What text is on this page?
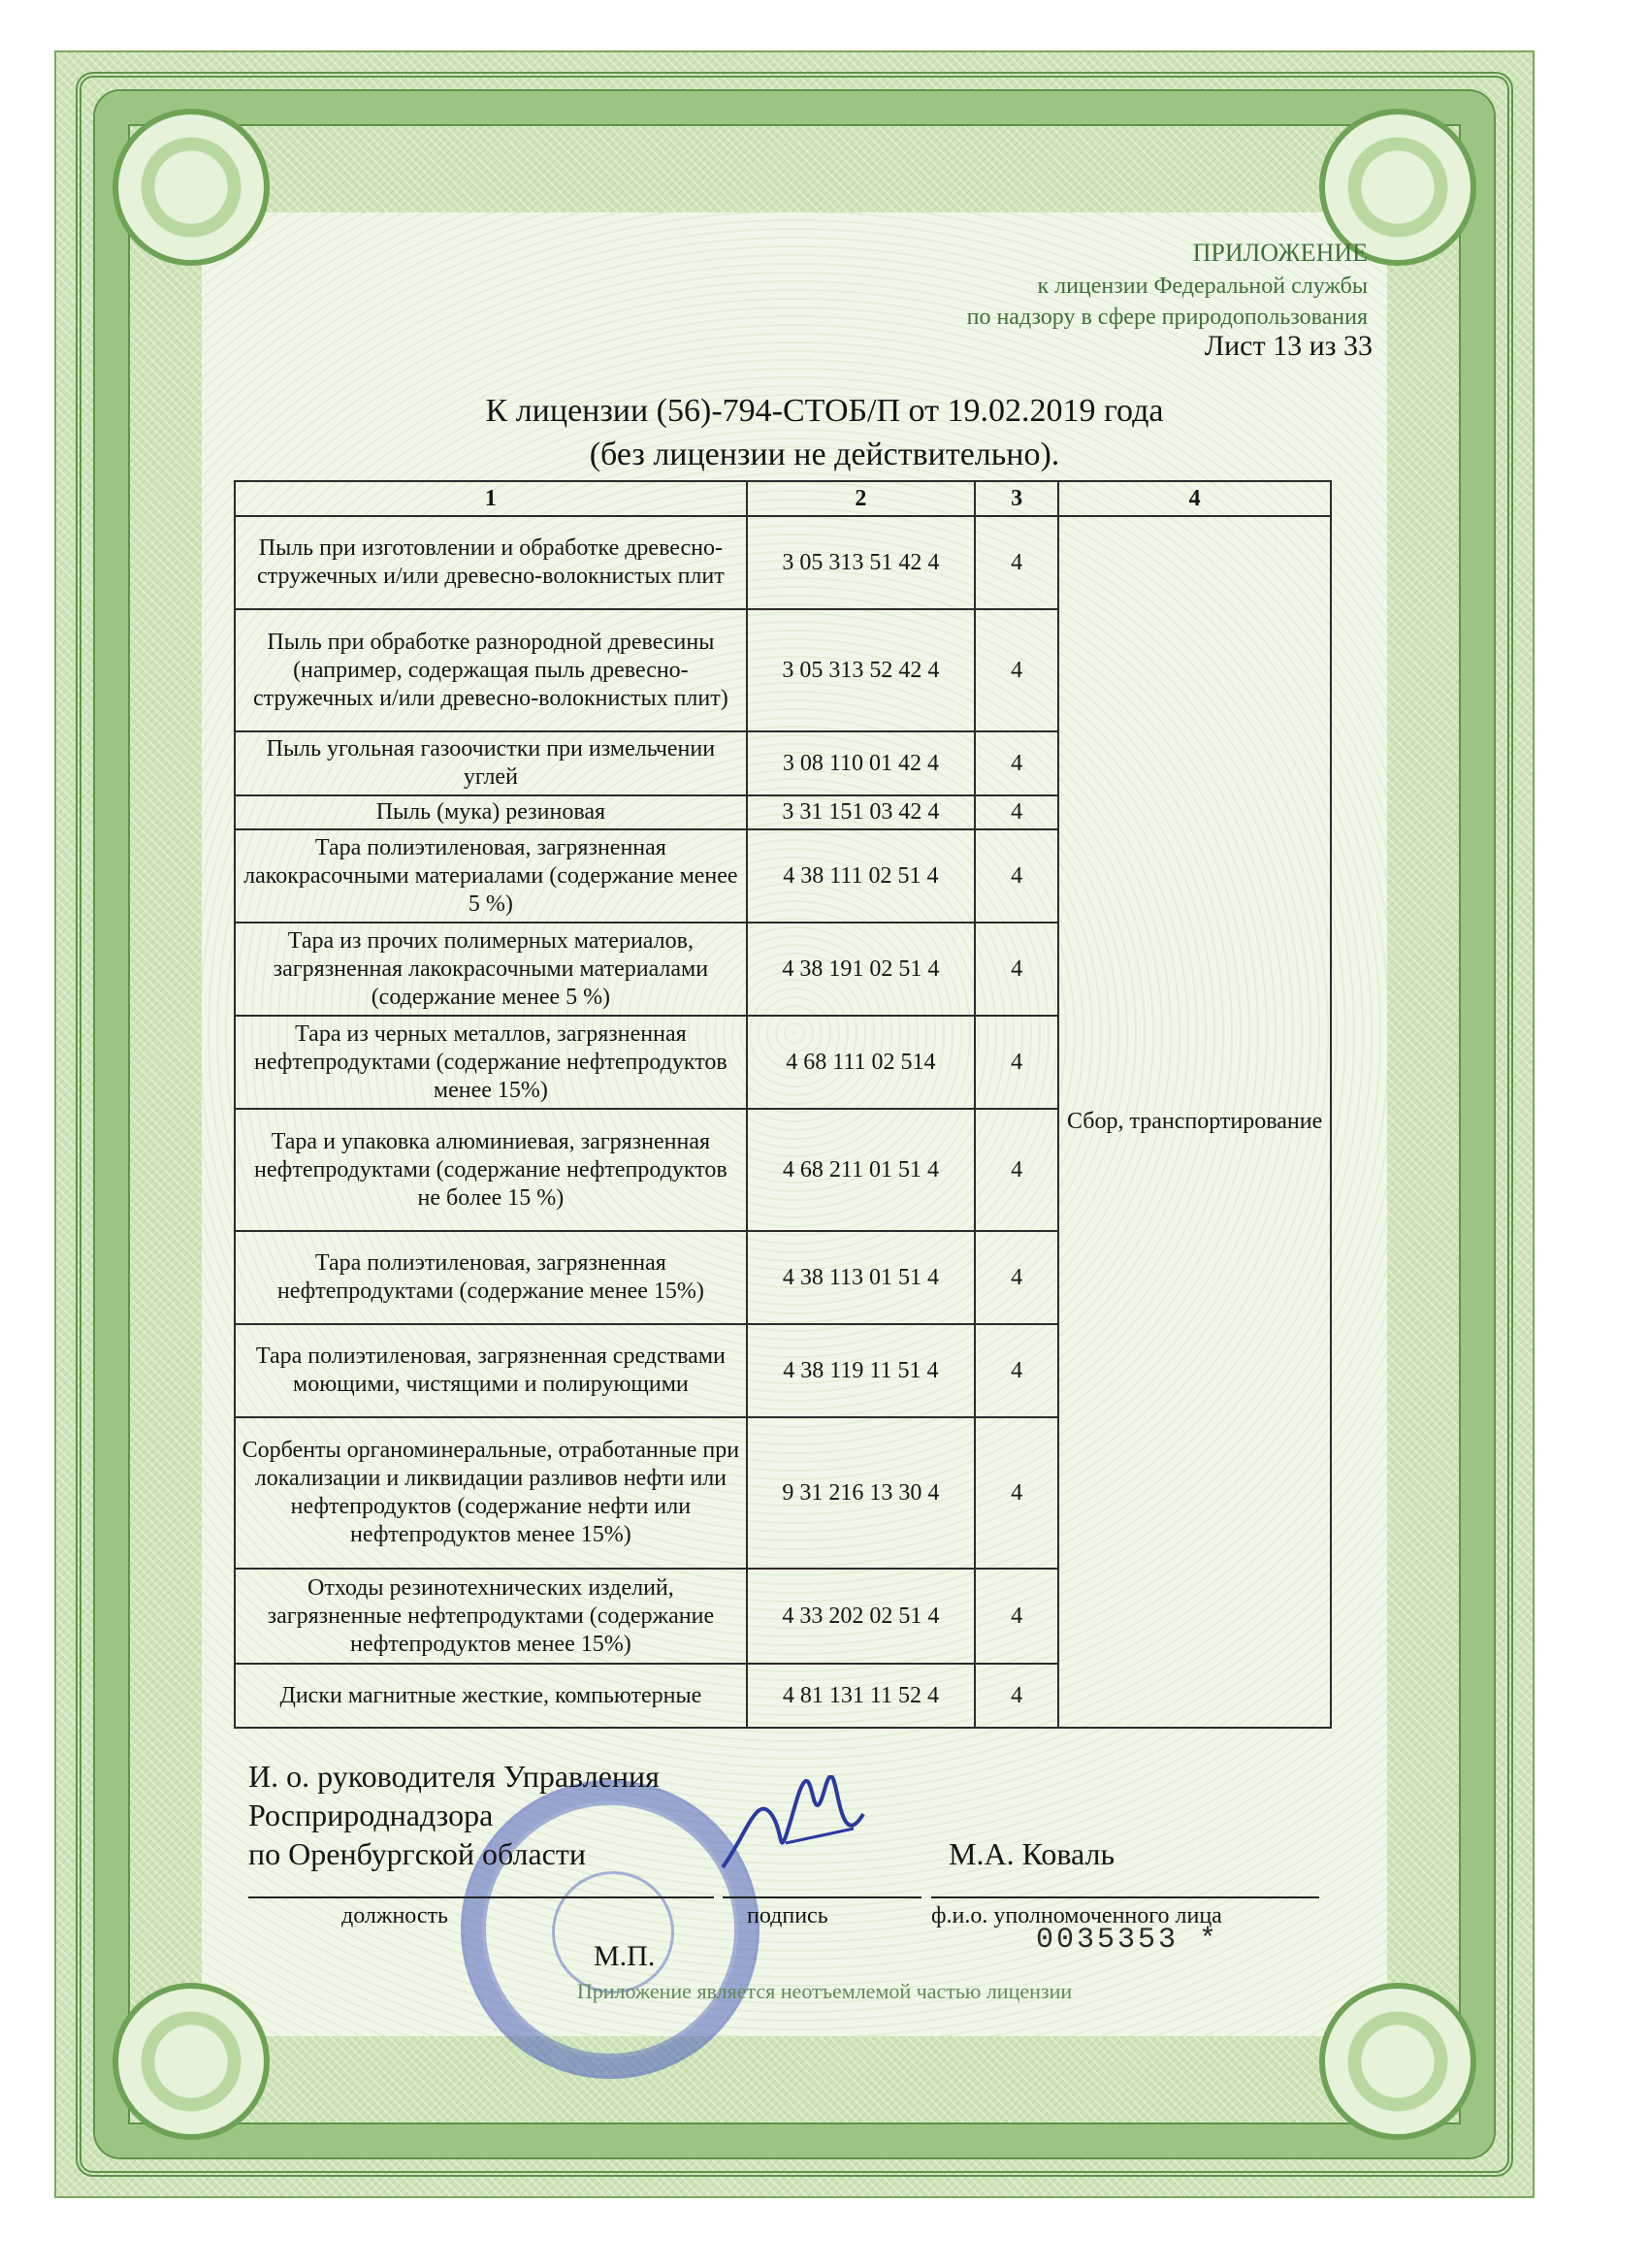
ПРИЛОЖЕНИЕ
к лицензии Федеральной службы
по надзору в сфере природопользования
Лист 13 из 33
К лицензии (56)-794-СТОБ/П от 19.02.2019 года
(без лицензии не действительно).
1	2	3	4
Пыль при изготовлении и обработке древесно-стружечных и/или древесно-волокнистых плит	3 05 313 51 42 4	4	Сбор, транспортирование
Пыль при обработке разнородной древесины (например, содержащая пыль древесно-стружечных и/или древесно-волокнистых плит)	3 05 313 52 42 4	4	
Пыль угольная газоочистки при измельчении углей	3 08 110 01 42 4	4	
Пыль (мука) резиновая	3 31 151 03 42 4	4	
Тара полиэтиленовая, загрязненная лакокрасочными материалами (содержание менее 5 %)	4 38 111 02 51 4	4	
Тара из прочих полимерных материалов, загрязненная лакокрасочными материалами (содержание менее 5 %)	4 38 191 02 51 4	4	
Тара из черных металлов, загрязненная нефтепродуктами (содержание нефтепродуктов менее 15%)	4 68 111 02 514	4	
Тара и упаковка алюминиевая, загрязненная нефтепродуктами (содержание нефтепродуктов не более 15 %)	4 68 211 01 51 4	4	
Тара полиэтиленовая, загрязненная нефтепродуктами (содержание менее 15%)	4 38 113 01 51 4	4	
Тара полиэтиленовая, загрязненная средствами моющими, чистящими и полирующими	4 38 119 11 51 4	4	
Сорбенты органоминеральные, отработанные при локализации и ликвидации разливов нефти или нефтепродуктов (содержание нефти или нефтепродуктов менее 15%)	9 31 216 13 30 4	4	
Отходы резинотехнических изделий, загрязненные нефтепродуктами (содержание нефтепродуктов менее 15%)	4 33 202 02 51 4	4	
Диски магнитные жесткие, компьютерные	4 81 131 11 52 4	4	
И. о. руководителя Управления
Росприроднадзора
по Оренбургской области	М.А. Коваль
должность	подпись	ф.и.о. уполномоченного лица
0035353 *
М.П.
Приложение является неотъемлемой частью лицензии
